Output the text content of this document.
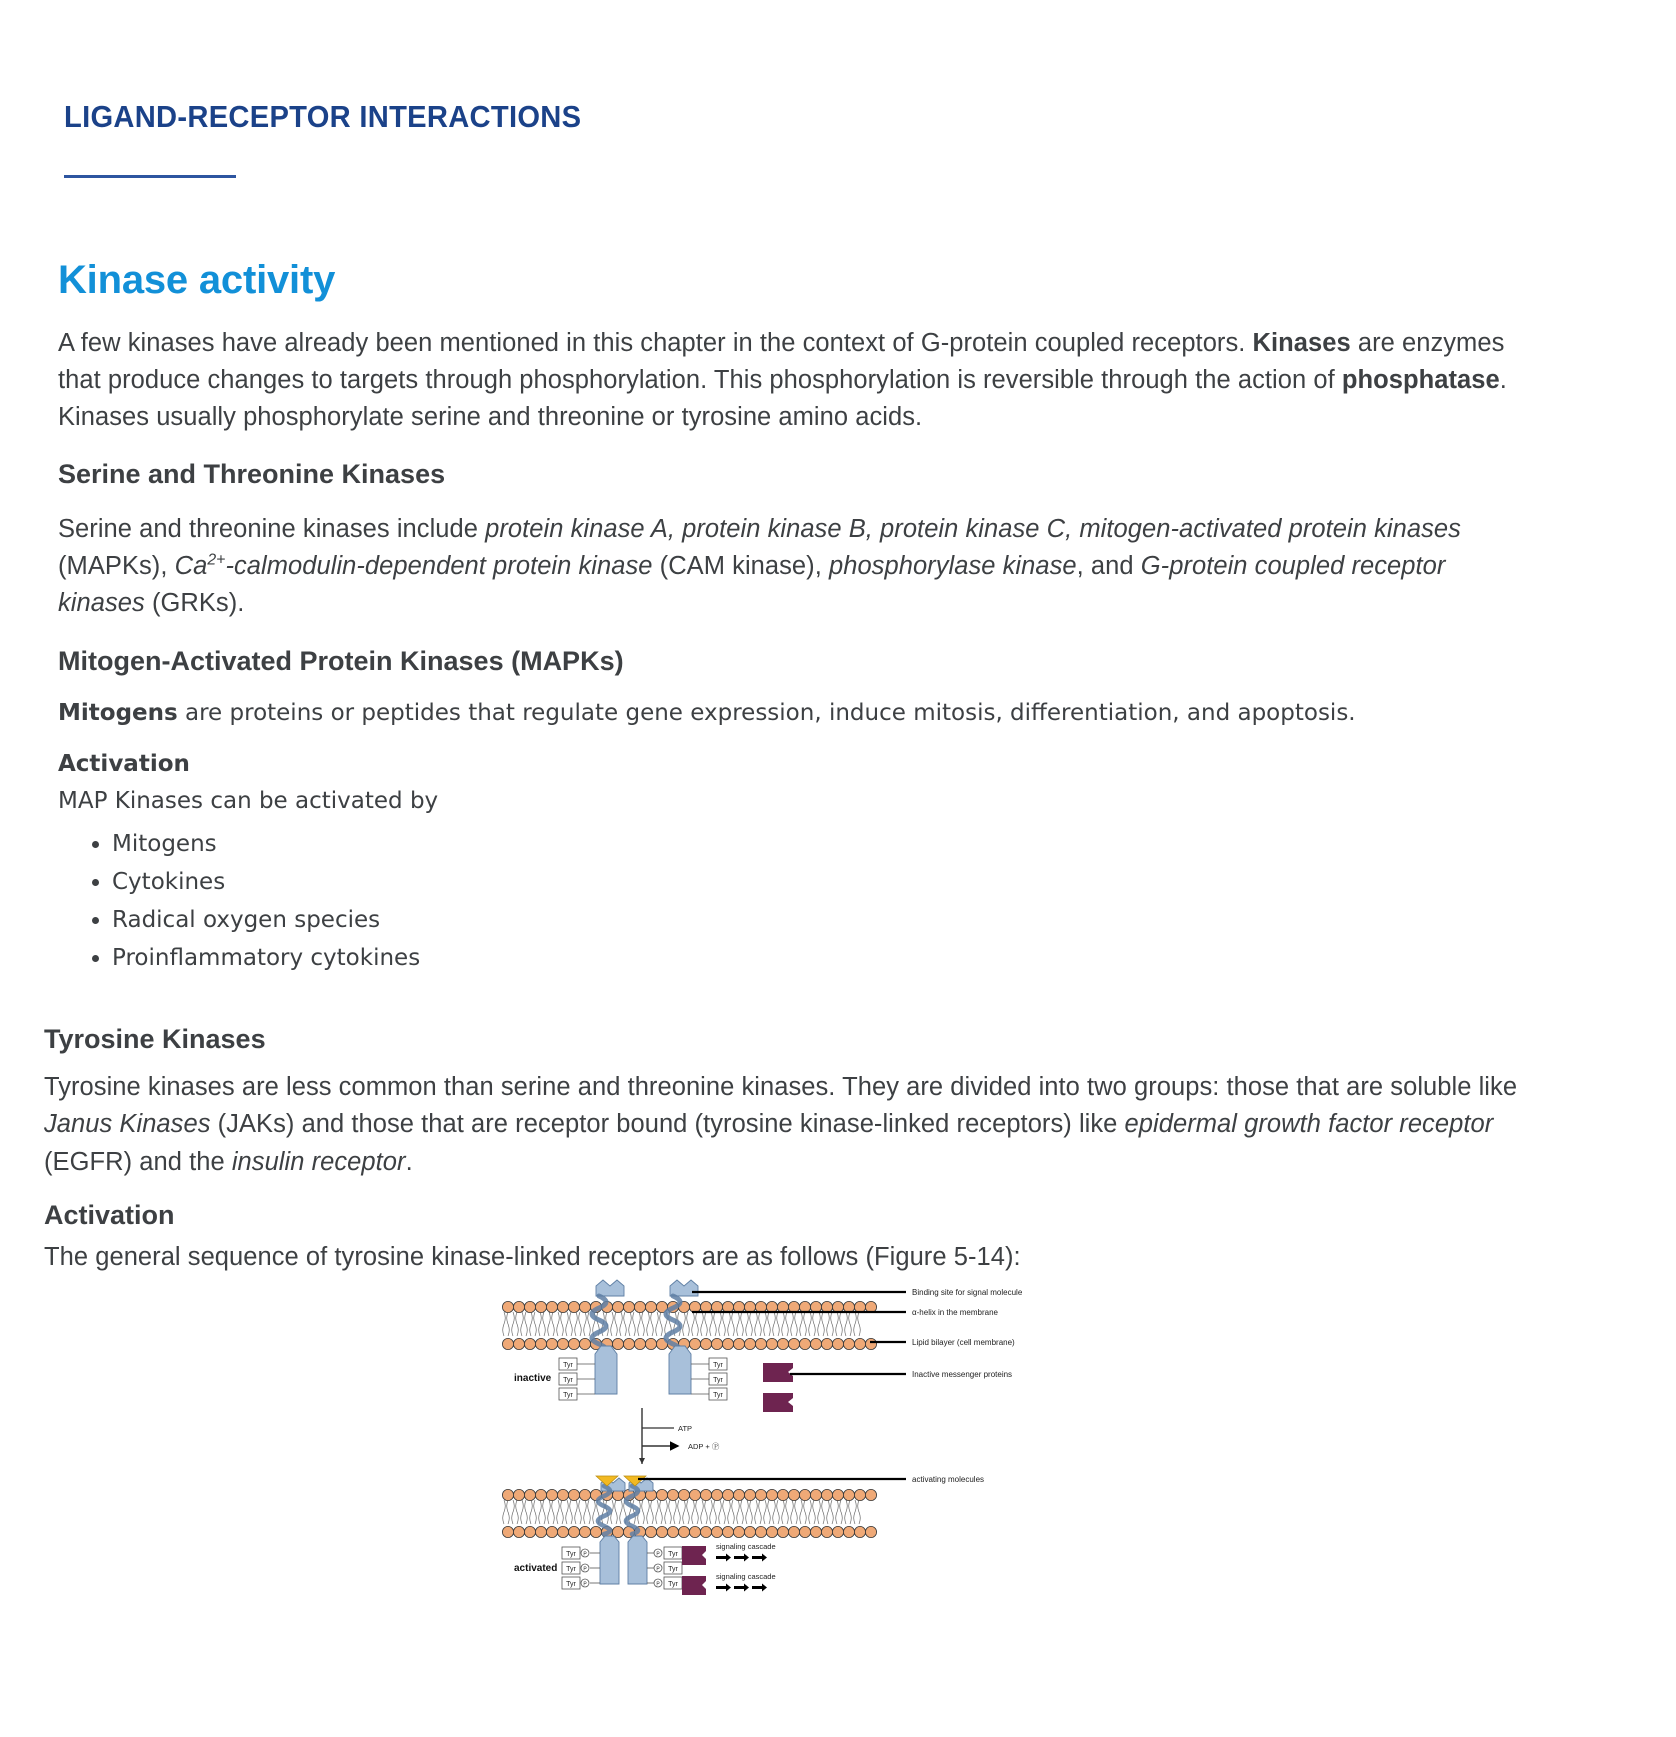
LIGAND-RECEPTOR INTERACTIONS
Kinase activity

A few kinases have already been mentioned in this chapter in the context of G-protein coupled receptors. Kinases are enzymes that produce changes to targets through phosphorylation. This phosphorylation is reversible through the action of phosphatase. Kinases usually phosphorylate serine and threonine or tyrosine amino acids.

Serine and Threonine Kinases

Serine and threonine kinases include protein kinase A, protein kinase B, protein kinase C, mitogen-activated protein kinases (MAPKs), $Ca^{2+}-calmodulin$-dependent protein kinase (CAM kinase), phosphorylase kinase, and G-protein coupled receptor kinases (GRKs).

Mitogen-Activated Protein Kinases (MAPKs)

Mitogens are proteins or peptides that regulate gene expression, induce mitosis, differentiation, and apoptosis.

Activation

MAP Kinases can be activated by

• Mitogens
• Cytokines
• Radical oxygen species
• Proinflammatory cytokines
Tyrosine Kinases

Tyrosine kinases are less common than serine and threonine kinases. They are divided into two groups: those that are soluble like Janus Kinases (JAKs) and those that are receptor bound (tyrosine kinase-linked receptors) like epidermal growth factor receptor (EGFR) and the insulin receptor.

Activation

The general sequence of tyrosine kinase-linked receptors are as follows (Figure 5-14):

Tyr
Tyr
Tyr
Tyr
Tyr
Tyr
inactive
Binding site for signal molecule
α-helix in the membrane
Lipid bilayer (cell membrane)
Inactive messenger proteins
ATP
ADP + Ⓟ
P
Tyr
P
Tyr
P
Tyr
P Tyr
P Tyr
P Tyr
signaling cascade
signaling cascade
activated
activating molecules
